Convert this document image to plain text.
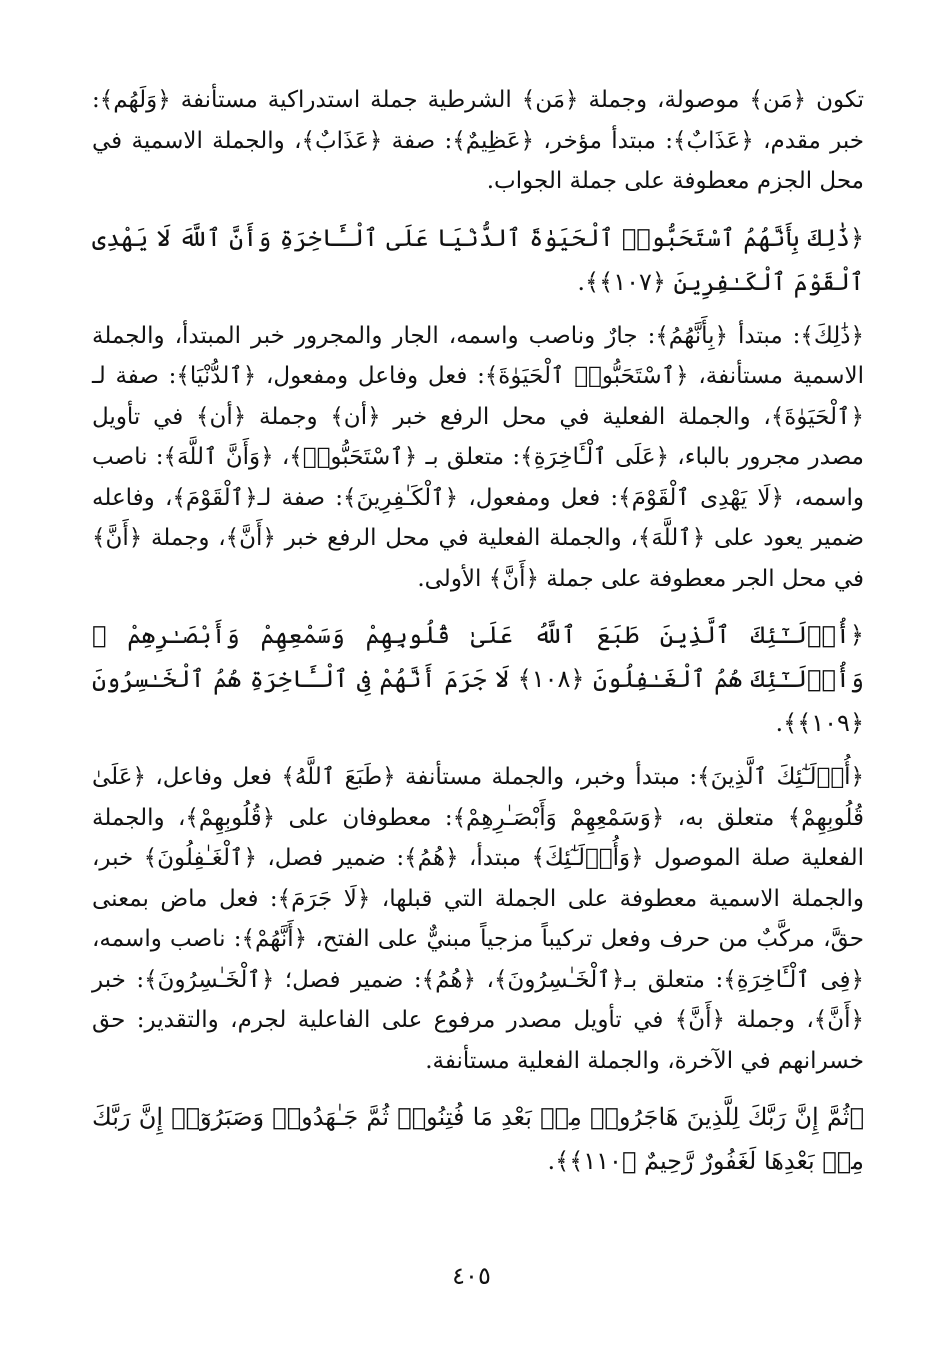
تكون ﴿مَن﴾ موصولة، وجملة ﴿مَن﴾ الشرطية جملة استدراكية مستأنفة ﴿وَلَهُم﴾: خبر مقدم، ﴿عَذَابٌ﴾: مبتدأ مؤخر، ﴿عَظِيمٌ﴾: صفة ﴿عَذَابٌ﴾، والجملة الاسمية في محل الجزم معطوفة على جملة الجواب.

﴿ذَٰلِكَ بِأَنَّهُمُ ٱسْتَحَبُّوا۟ ٱلْحَيَوٰةَ ٱلدُّنْيَا عَلَى ٱلْـَٔاخِرَةِ وَأَنَّ ٱللَّهَ لَا يَهْدِى ٱلْقَوْمَ ٱلْكَـٰفِرِينَ ﴿١٠٧﴾﴾.

﴿ذَٰلِكَ﴾: مبتدأ ﴿بِأَنَّهُمُ﴾: جارٌ وناصب واسمه، الجار والمجرور خبر المبتدأ، والجملة الاسمية مستأنفة، ﴿ٱسْتَحَبُّوا۟ ٱلْحَيَوٰةَ﴾: فعل وفاعل ومفعول، ﴿ٱلدُّنْيَا﴾: صفة لـ ﴿ٱلْحَيَوٰةَ﴾، والجملة الفعلية في محل الرفع خبر ﴿أن﴾ وجملة ﴿أن﴾ في تأويل مصدر مجرور بالباء، ﴿عَلَى ٱلْـَٔاخِرَةِ﴾: متعلق بـ ﴿ٱسْتَحَبُّوا۟﴾، ﴿وَأَنَّ ٱللَّهَ﴾: ناصب واسمه، ﴿لَا يَهْدِى ٱلْقَوْمَ﴾: فعل ومفعول، ﴿ٱلْكَـٰفِرِينَ﴾: صفة لـ﴿ٱلْقَوْمَ﴾، وفاعله ضمير يعود على ﴿ٱللَّهَ﴾، والجملة الفعلية في محل الرفع خبر ﴿أَنَّ﴾، وجملة ﴿أَنَّ﴾ في محل الجر معطوفة على جملة ﴿أَنَّ﴾ الأولى.

﴿أُو۟لَـٰٓئِكَ ٱلَّذِينَ طَبَعَ ٱللَّهُ عَلَىٰ قُلُوبِهِمْ وَسَمْعِهِمْ وَأَبْصَـٰرِهِمْ ۖ وَأُو۟لَـٰٓئِكَ هُمُ ٱلْغَـٰفِلُونَ ﴿١٠٨﴾ لَا جَرَمَ أَنَّهُمْ فِى ٱلْـَٔاخِرَةِ هُمُ ٱلْخَـٰسِرُونَ ﴿١٠٩﴾﴾.

﴿أُو۟لَـٰٓئِكَ ٱلَّذِينَ﴾: مبتدأ وخبر، والجملة مستأنفة ﴿طَبَعَ ٱللَّهُ﴾ فعل وفاعل، ﴿عَلَىٰ قُلُوبِهِمْ﴾ متعلق به، ﴿وَسَمْعِهِمْ وَأَبْصَـٰرِهِمْ﴾: معطوفان على ﴿قُلُوبِهِمْ﴾، والجملة الفعلية صلة الموصول ﴿وَأُو۟لَـٰٓئِكَ﴾ مبتدأ، ﴿هُمُ﴾: ضمير فصل، ﴿ٱلْغَـٰفِلُونَ﴾ خبر، والجملة الاسمية معطوفة على الجملة التي قبلها، ﴿لَا جَرَمَ﴾: فعل ماض بمعنى حقَّ، مركَّبٌ من حرف وفعل تركيباً مزجياً مبنيٌّ على الفتح، ﴿أَنَّهُمْ﴾: ناصب واسمه، ﴿فِى ٱلْـَٔاخِرَةِ﴾: متعلق بـ﴿ٱلْخَـٰسِرُونَ﴾، ﴿هُمُ﴾: ضمير فصل؛ ﴿ٱلْخَـٰسِرُونَ﴾: خبر ﴿أَنَّ﴾، وجملة ﴿أَنَّ﴾ في تأويل مصدر مرفوع على الفاعلية لجرم، والتقدير: حق خسرانهم في الآخرة، والجملة الفعلية مستأنفة.

﴿ثُمَّ إِنَّ رَبَّكَ لِلَّذِينَ هَاجَرُوا۟ مِنۢ بَعْدِ مَا فُتِنُوا۟ ثُمَّ جَـٰهَدُوا۟ وَصَبَرُوٓا۟ إِنَّ رَبَّكَ مِنۢ بَعْدِهَا لَغَفُورٌ رَّحِيمٌ ﴿١١٠﴾﴾.

٤٠٥
